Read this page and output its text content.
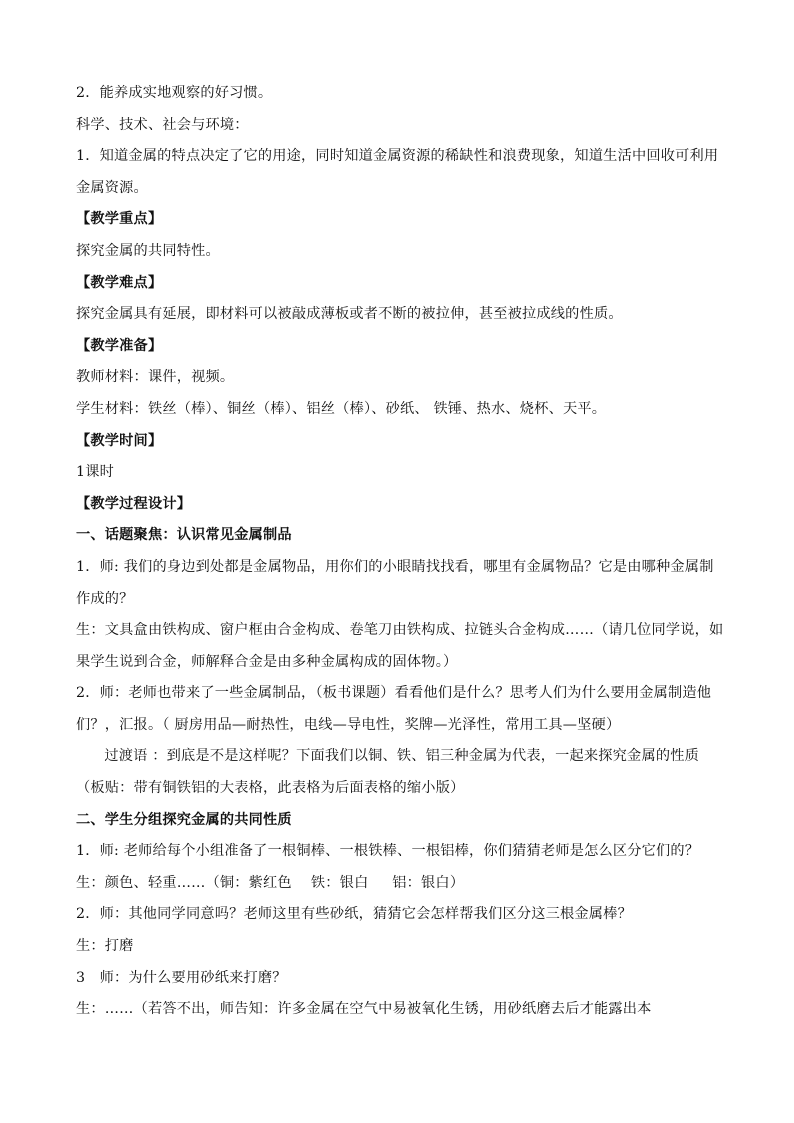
2．能养成实地观察的好习惯。

科学、技术、社会与环境：

1．知道金属的特点决定了它的用途，同时知道金属资源的稀缺性和浪费现象，知道生活中回收可利用金属资源。

【教学重点】

探究金属的共同特性。

【教学难点】

探究金属具有延展，即材料可以被敲成薄板或者不断的被拉伸，甚至被拉成线的性质。

【教学准备】

教师材料：课件，视频。

学生材料：铁丝（棒）、铜丝（棒）、铝丝（棒）、砂纸、 铁锤、热水、烧杯、天平。

【教学时间】

1课时

【教学过程设计】

一、话题聚焦：认识常见金属制品

1．师: 我们的身边到处都是金属物品，用你们的小眼睛找找看，哪里有金属物品？它是由哪种金属制作成的？

生：文具盒由铁构成、窗户框由合金构成、卷笔刀由铁构成、拉链头合金构成……（请几位同学说，如果学生说到合金，师解释合金是由多种金属构成的固体物。）

2．师：老师也带来了一些金属制品，（板书课题）看看他们是什么？思考人们为什么要用金属制造他们？，汇报。（ 厨房用品—耐热性，电线—导电性，奖牌—光泽性，常用工具—坚硬）

过渡语 ：到底是不是这样呢？下面我们以铜、铁、铝三种金属为代表，一起来探究金属的性质（板贴：带有铜铁铝的大表格，此表格为后面表格的缩小版）

二、学生分组探究金属的共同性质

1．师: 老师给每个小组准备了一根铜棒、一根铁棒、一根铝棒，你们猜猜老师是怎么区分它们的？

生：颜色、轻重……（铜：紫红色　 铁：银白 　 铝：银白）

2．师：其他同学同意吗？老师这里有些砂纸，猜猜它会怎样帮我们区分这三根金属棒？

生：打磨

3　师：为什么要用砂纸来打磨？

生：……（若答不出，师告知：许多金属在空气中易被氧化生锈，用砂纸磨去后才能露出本
